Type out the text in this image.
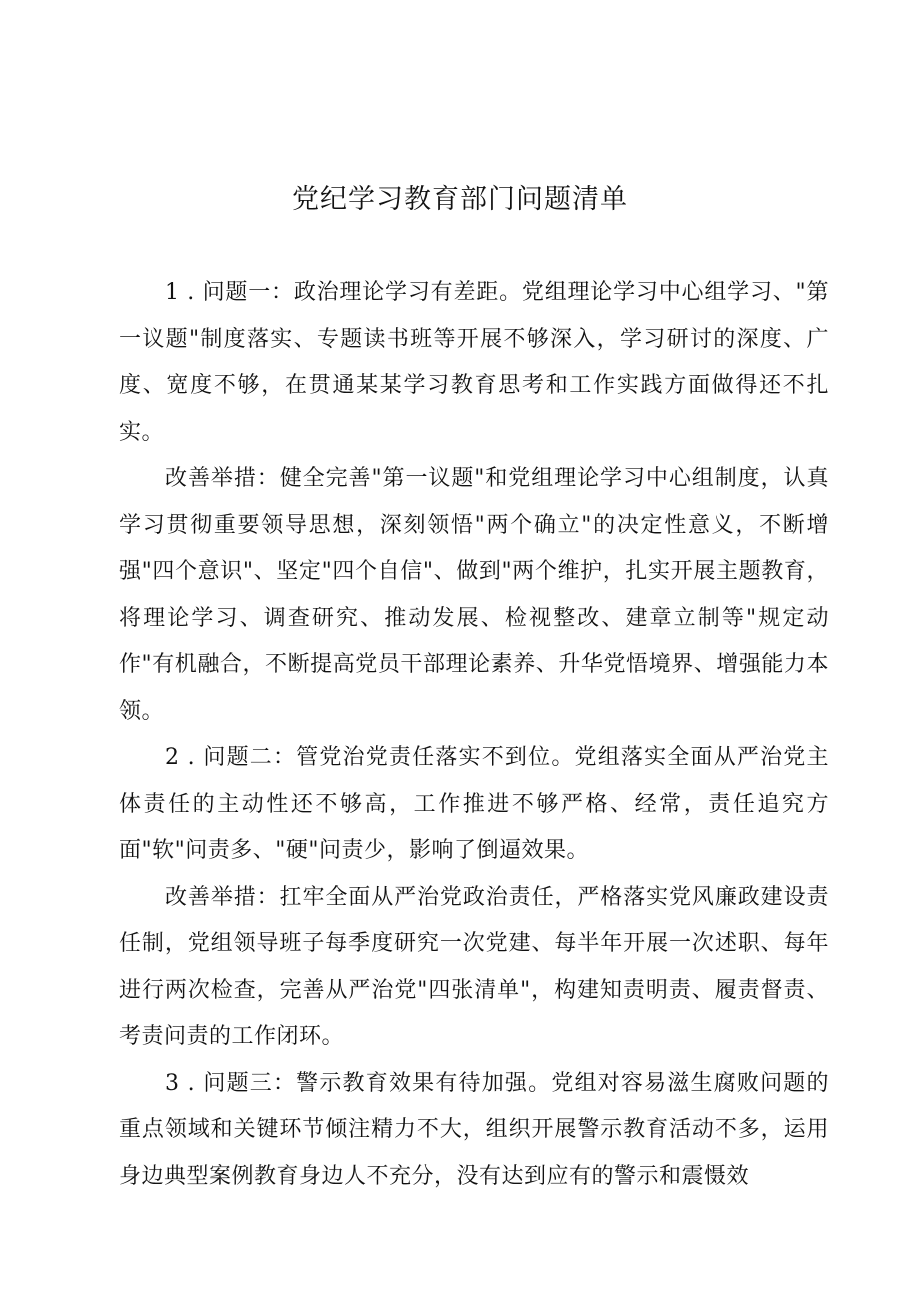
党纪学习教育部门问题清单

1 . 问题一：政治理论学习有差距。党组理论学习中心组学习、"第一议题"制度落实、专题读书班等开展不够深入，学习研讨的深度、广度、宽度不够，在贯通某某学习教育思考和工作实践方面做得还不扎实。

改善举措：健全完善"第一议题"和党组理论学习中心组制度，认真学习贯彻重要领导思想，深刻领悟"两个确立"的决定性意义，不断增强"四个意识"、坚定"四个自信"、做到"两个维护，扎实开展主题教育，将理论学习、调查研究、推动发展、检视整改、建章立制等"规定动作"有机融合，不断提高党员干部理论素养、升华党悟境界、增强能力本领。

2 . 问题二：管党治党责任落实不到位。党组落实全面从严治党主体责任的主动性还不够高，工作推进不够严格、经常，责任追究方面"软"问责多、"硬"问责少，影响了倒逼效果。

改善举措：扛牢全面从严治党政治责任，严格落实党风廉政建设责任制，党组领导班子每季度研究一次党建、每半年开展一次述职、每年进行两次检查，完善从严治党"四张清单"，构建知责明责、履责督责、考责问责的工作闭环。

3 . 问题三：警示教育效果有待加强。党组对容易滋生腐败问题的重点领域和关键环节倾注精力不大，组织开展警示教育活动不多，运用身边典型案例教育身边人不充分，没有达到应有的警示和震慑效
